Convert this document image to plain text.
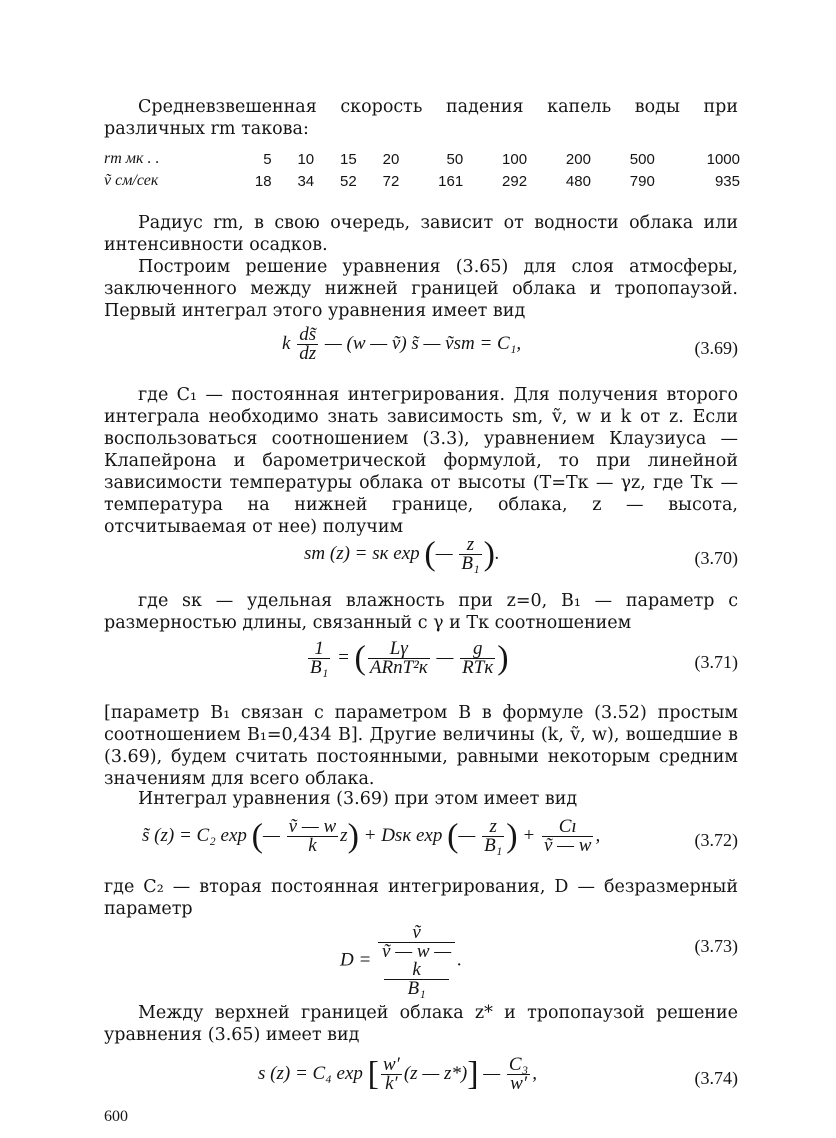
Средневзвешенная скорость падения капель воды при различных rm такова:

rm мк . .	5	10	15	20	50	100	200	500	1000
ṽ см/сек	18	34	52	72	161	292	480	790	935

Радиус rm, в свою очередь, зависит от водности облака или интенсивности осадков.

Построим решение уравнения (3.65) для слоя атмосферы, заключенного между нижней границей облака и тропопаузой. Первый интеграл этого уравнения имеет вид

k $\frac{ds̃}{dz}$ — (w — ṽ) s̃ — ṽsm = C₁,	(3.69)

где C₁ — постоянная интегрирования. Для получения второго интеграла необходимо знать зависимость sm, ṽ, w и k от z. Если воспользоваться соотношением (3.3), уравнением Клаузиуса — Клапейрона и барометрической формулой, то при линейной зависимости температуры облака от высоты (T=Tк — γz, где Tк — температура на нижней границе, облака, z — высота, отсчитываемая от нее) получим

sm (z) = sк exp (— $\frac{z}{\text{B₁}}$ ).	(3.70)

где sк — удельная влажность при z=0, B₁ — параметр с размерностью длины, связанный с γ и Tк соотношением

$\frac{1}{\text{B₁}}$ = ( $\frac{L\gamma}{\text{ARпT²к}}$ — $\frac{g}{\text{RTк}}$ )	(3.71)

[параметр B₁ связан с параметром B в формуле (3.52) простым соотношением B₁=0,434 B]. Другие величины (k, ṽ, w), вошедшие в (3.69), будем считать постоянными, равными некоторым средним значениям для всего облака.

Интеграл уравнения (3.69) при этом имеет вид

s̃ (z) = C₂ exp (— $\frac{\text{ṽ — w}}{k} z$) + Dsк exp (— $\frac{z}{\text{B₁}}$ ) + $\frac{Cı}{\text{ṽ — w}}$ ,	(3.72)

где C₂ — вторая постоянная интегрирования, D — безразмерный параметр

D = ṽ
ṽ — w —
k
B₁ .
(3.73)

Между верхней границей облака z* и тропопаузой решение уравнения (3.65) имеет вид

s (z) = C₄ exp [ $\frac{w'}{k'} (z$ — z*)] — $\frac{\text{C₃}}{w'}$ ,	(3.74)
600
